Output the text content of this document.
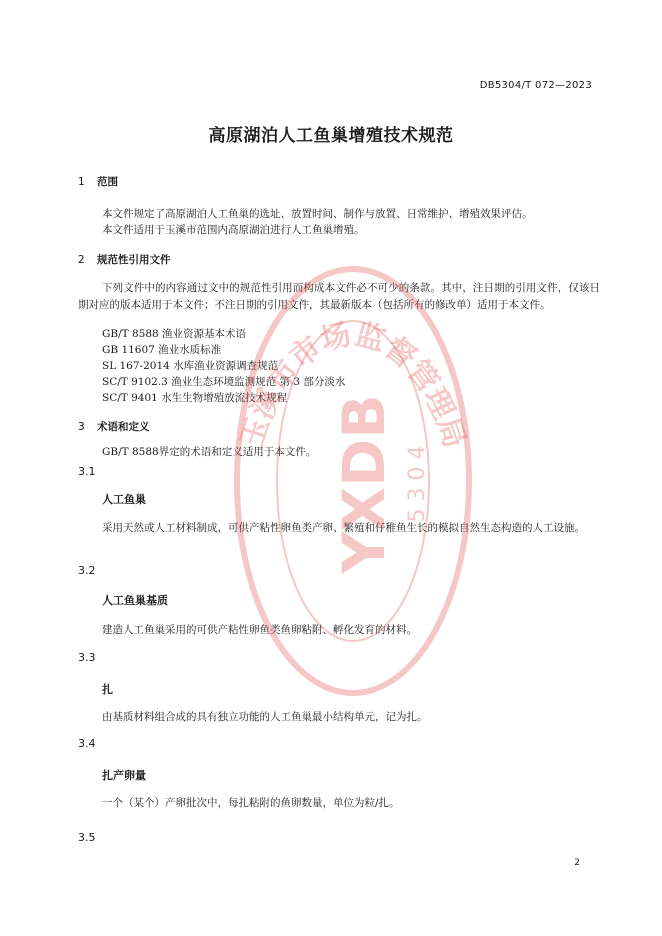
DB5304/T 072—2023
高原湖泊人工鱼巢增殖技术规范
1 范围
本文件规定了高原湖泊人工鱼巢的选址、放置时间、制作与放置、日常维护、增殖效果评估。
本文件适用于玉溪市范围内高原湖泊进行人工鱼巢增殖。
2 规范性引用文件
下列文件中的内容通过文中的规范性引用而构成本文件必不可少的条款。其中，注日期的引用文件，仅该日期对应的版本适用于本文件；不注日期的引用文件，其最新版本（包括所有的修改单）适用于本文件。
GB/T 8588 渔业资源基本术语
GB 11607 渔业水质标准
SL 167-2014 水库渔业资源调查规范
SC/T 9102.3 渔业生态环境监测规范 第 3 部分淡水
SC/T 9401 水生生物增殖放流技术规程
3 术语和定义
GB/T 8588界定的术语和定义适用于本文件。
3.1
人工鱼巢
采用天然或人工材料制成，可供产粘性卵鱼类产卵、繁殖和仔稚鱼生长的模拟自然生态构造的人工设施。
3.2
人工鱼巢基质
建造人工鱼巢采用的可供产粘性卵鱼类鱼卵粘附、孵化发育的材料。
3.3
扎
由基质材料组合成的具有独立功能的人工鱼巢最小结构单元，记为扎。
3.4
扎产卵量
一个（某个）产卵批次中，每扎粘附的鱼卵数量，单位为粒/扎。
3.5
2
玉溪市市场监督管理局
YXDB 5 3 0 4
